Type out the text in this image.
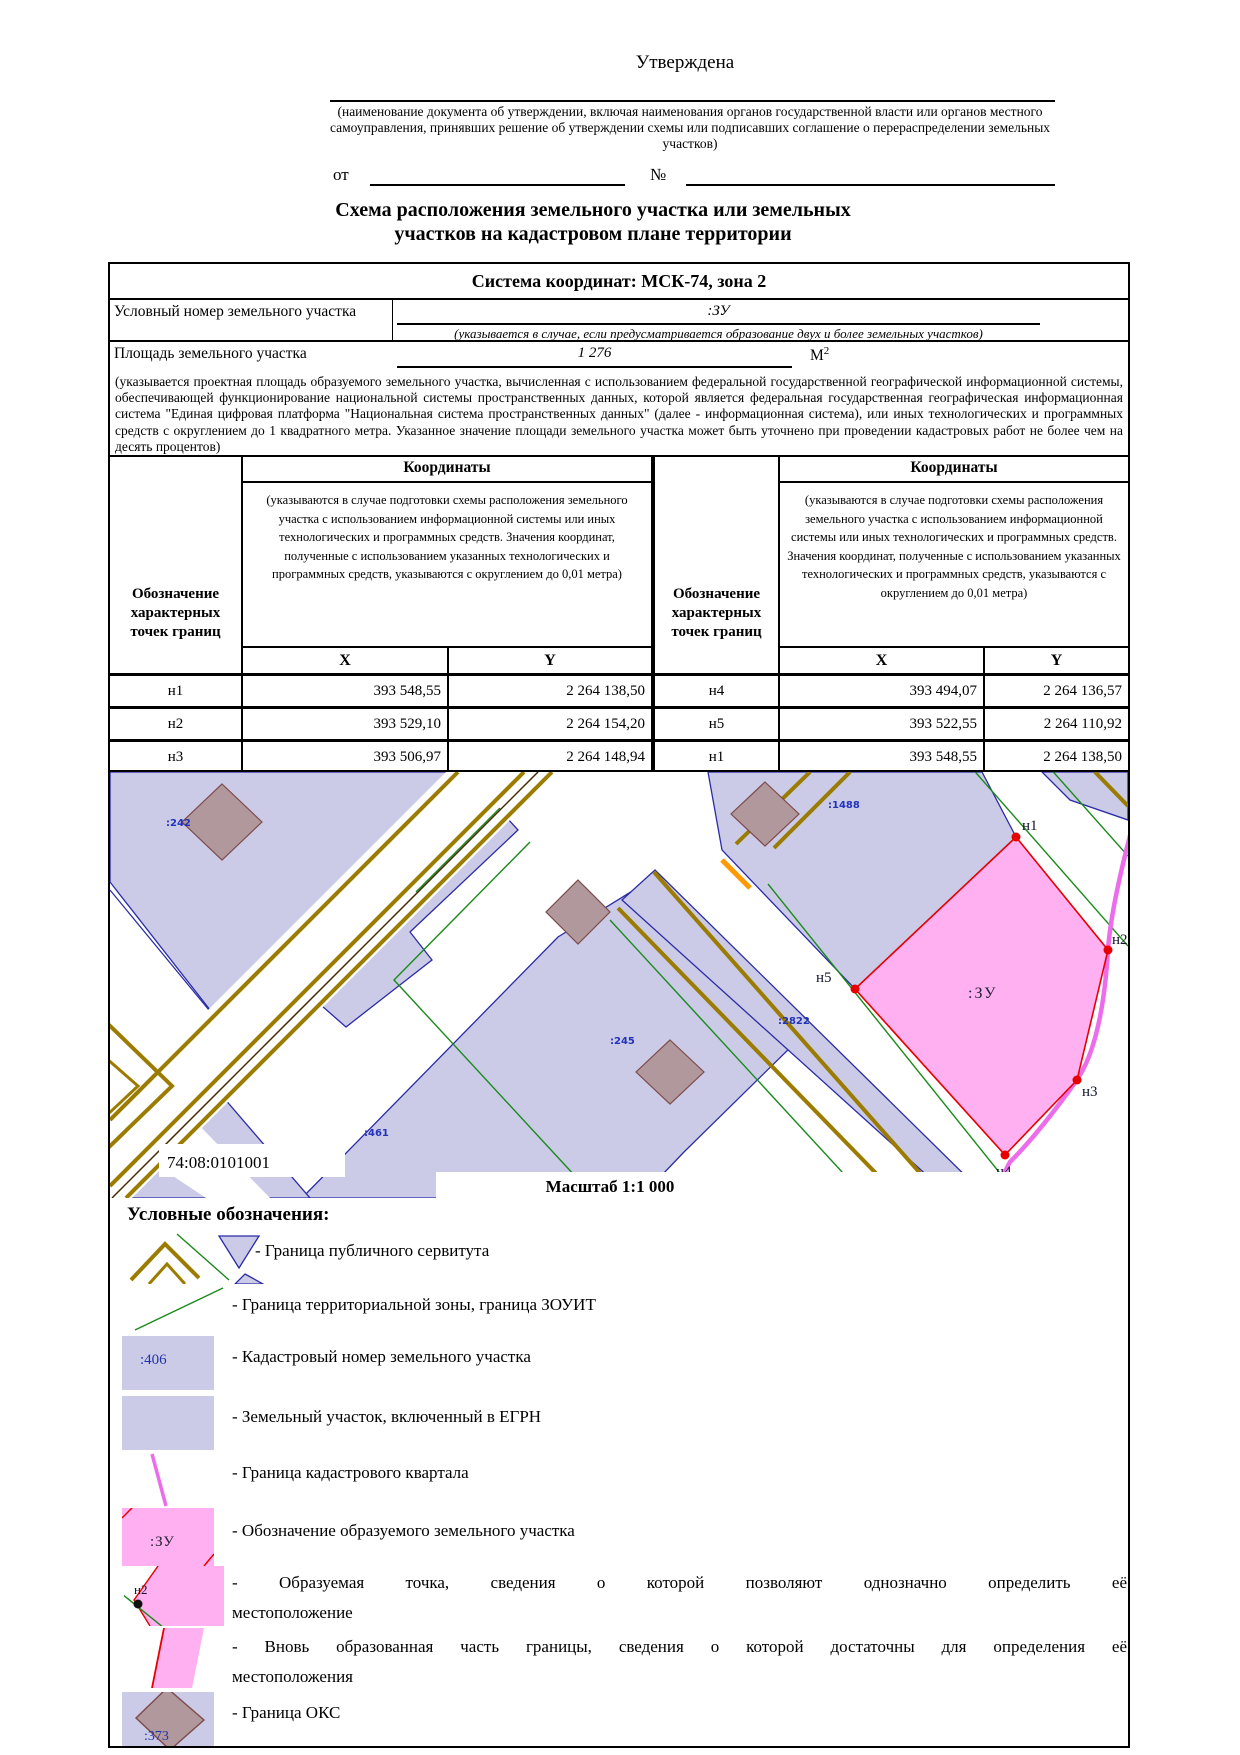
Утверждена
(наименование документа об утверждении, включая наименования органов государственной власти или органов местного самоуправления, принявших решение об утверждении схемы или подписавших соглашение о перераспределении земельных участков)
от	№
Схема расположения земельного участка или земельных
участков на кадастровом плане территории
Система координат: МСК-74, зона 2
Условный номер земельного участка	:ЗУ
(указывается в случае, если предусматривается образование двух и более земельных участков)
Площадь земельного участка	1 276	$М^2$
(указывается проектная площадь образуемого земельного участка, вычисленная с использованием федеральной государственной географической информационной системы, обеспечивающей функционирование национальной системы пространственных данных, которой является федеральная государственная географическая информационная система "Единая цифровая платформа "Национальная система пространственных данных" (далее - информационная система), или иных технологических и программных средств с округлением до 1 квадратного метра. Указанное значение площади земельного участка может быть уточнено при проведении кадастровых работ не более чем на десять процентов)
Обозначение характерных точек границ
Обозначение характерных точек границ
Координаты
(указываются в случае подготовки схемы расположения земельного участка с использованием информационной системы или иных технологических и программных средств. Значения координат, полученные с использованием указанных технологических и программных средств, указываются с округлением до 0,01 метра)
X	Y
Координаты
(указываются в случае подготовки схемы расположения земельного участка с использованием информационной системы или иных технологических и программных средств. Значения координат, полученные с использованием указанных технологических и программных средств, указываются с округлением до 0,01 метра)
X	Y
н1	393 548,55	2 264 138,50
н2	393 529,10	2 264 154,20
н3	393 506,97	2 264 148,94
н4	393 494,07	2 264 136,57
н5	393 522,55	2 264 110,92
н1	393 548,55	2 264 138,50
н1
н2
н3
н5
:ЗУ
:242
:1488
:2822
:245
:461
74:08:0101001
Масштаб 1:1 000
Условные обозначения:
- Граница публичного сервитута
- Граница территориальной зоны, граница ЗОУИТ
:406	- Кадастровый номер земельного участка
- Земельный участок, включенный в ЕГРН
- Граница кадастрового квартала
:ЗУ
- Обозначение образуемого земельного участка
н2	- Образуемая точка, сведения о которой позволяют однозначно определить её
местоположение
- Вновь образованная часть границы, сведения о которой достаточны для определения её
местоположения
:373
- Граница ОКС
